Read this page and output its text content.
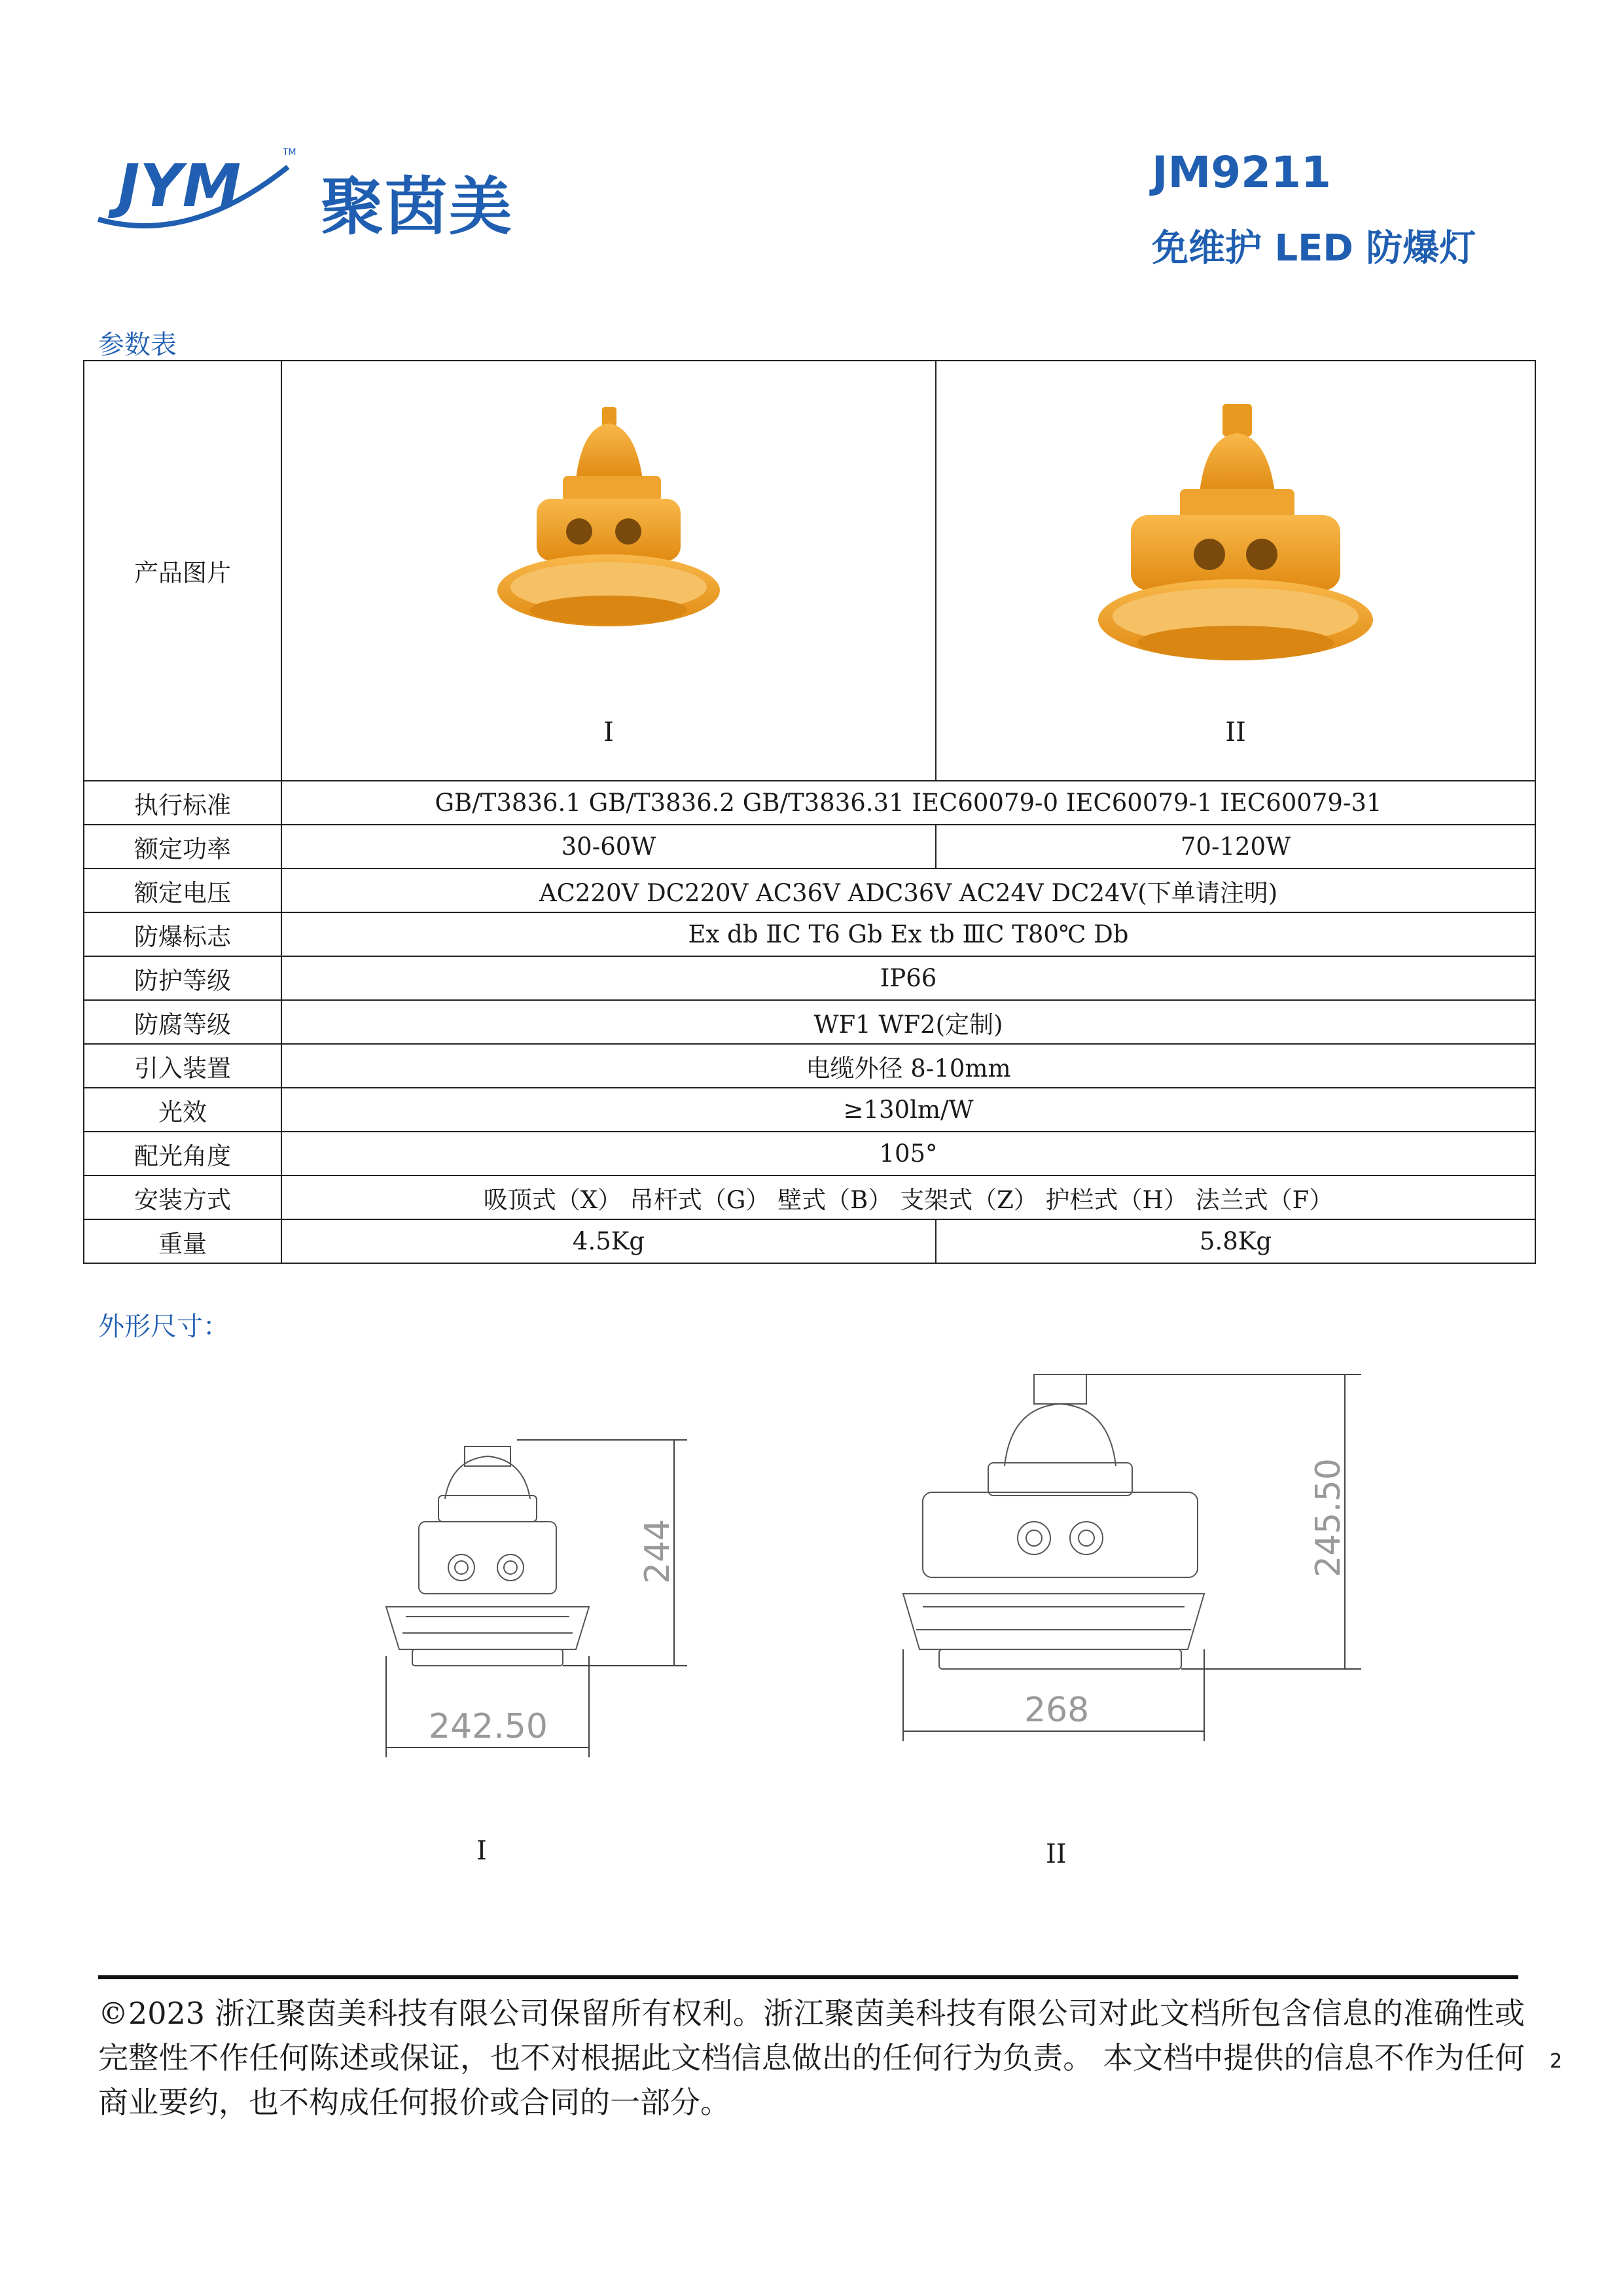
JYM	TM
聚茵美	JM9211
免维护 LED 防爆灯
参数表
产品图片	I	II

执行标准	GB/T3836.1 GB/T3836.2 GB/T3836.31 IEC60079-0 IEC60079-1 IEC60079-31	
额定功率	30-60W	70-120W
额定电压	AC220V DC220V AC36V ADC36V AC24V DC24V(下单请注明)	
防爆标志	Ex db ⅡC T6 Gb Ex tb ⅢC T80℃ Db	
防护等级	IP66	
防腐等级	WF1 WF2(定制)	
引入装置	电缆外径 8-10mm	
光效	≥130lm/W	
配光角度	105°	
安装方式	吸顶式（X） 吊杆式（G） 壁式（B） 支架式（Z） 护栏式（H） 法兰式（F）	
重量	4.5Kg	5.8Kg
外形尺寸：
244
242.50
I
245.50
268
II
©2023 浙江聚茵美科技有限公司保留所有权利。浙江聚茵美科技有限公司对此文档所包含信息的准确性或完整性不作任何陈述或保证，也不对根据此文档信息做出的任何行为负责。 本文档中提供的信息不作为任何商业要约，也不构成任何报价或合同的一部分。
2
